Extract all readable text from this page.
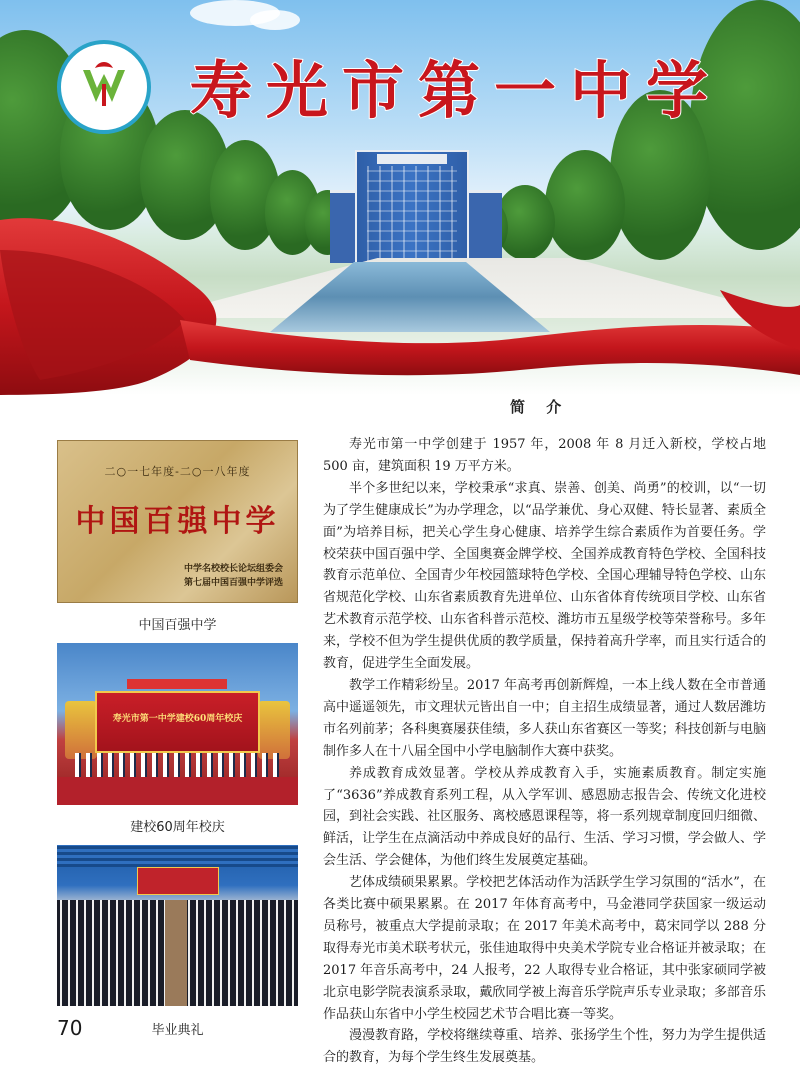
寿光市第一中学
简 介
二○一七年度-二○一八年度
中国百强中学
中学名校校长论坛组委会
第七届中国百强中学评选
中国百强中学
寿光市第一中学建校60周年校庆
建校60周年校庆
毕业典礼
70

寿光市第一中学创建于 1957 年，2008 年 8 月迁入新校，学校占地 500 亩，建筑面积 19 万平方米。

半个多世纪以来，学校秉承“求真、崇善、创美、尚勇”的校训，以“一切为了学生健康成长”为办学理念，以“品学兼优、身心双健、特长显著、素质全面”为培养目标，把关心学生身心健康、培养学生综合素质作为首要任务。学校荣获中国百强中学、全国奥赛金牌学校、全国养成教育特色学校、全国科技教育示范单位、全国青少年校园篮球特色学校、全国心理辅导特色学校、山东省规范化学校、山东省素质教育先进单位、山东省体育传统项目学校、山东省艺术教育示范学校、山东省科普示范校、潍坊市五星级学校等荣誉称号。多年来，学校不但为学生提供优质的教学质量，保持着高升学率，而且实行适合的教育，促进学生全面发展。

教学工作精彩纷呈。2017 年高考再创新辉煌，一本上线人数在全市普通高中遥遥领先，市文理状元皆出自一中；自主招生成绩显著，通过人数居潍坊市名列前茅；各科奥赛屡获佳绩，多人获山东省赛区一等奖；科技创新与电脑制作多人在十八届全国中小学电脑制作大赛中获奖。

养成教育成效显著。学校从养成教育入手，实施素质教育。制定实施了“3636”养成教育系列工程，从入学军训、感恩励志报告会、传统文化进校园，到社会实践、社区服务、离校感恩课程等，将一系列规章制度回归细微、鲜活，让学生在点滴活动中养成良好的品行、生活、学习习惯，学会做人、学会生活、学会健体，为他们终生发展奠定基础。

艺体成绩硕果累累。学校把艺体活动作为活跃学生学习氛围的“活水”，在各类比赛中硕果累累。在 2017 年体育高考中，马金港同学获国家一级运动员称号，被重点大学提前录取；在 2017 年美术高考中，葛宋同学以 288 分取得寿光市美术联考状元，张佳迪取得中央美术学院专业合格证并被录取；在 2017 年音乐高考中，24 人报考，22 人取得专业合格证，其中张家硕同学被北京电影学院表演系录取，戴欣同学被上海音乐学院声乐专业录取；多部音乐作品获山东省中小学生校园艺术节合唱比赛一等奖。

漫漫教育路，学校将继续尊重、培养、张扬学生个性，努力为学生提供适合的教育，为每个学生终生发展奠基。
